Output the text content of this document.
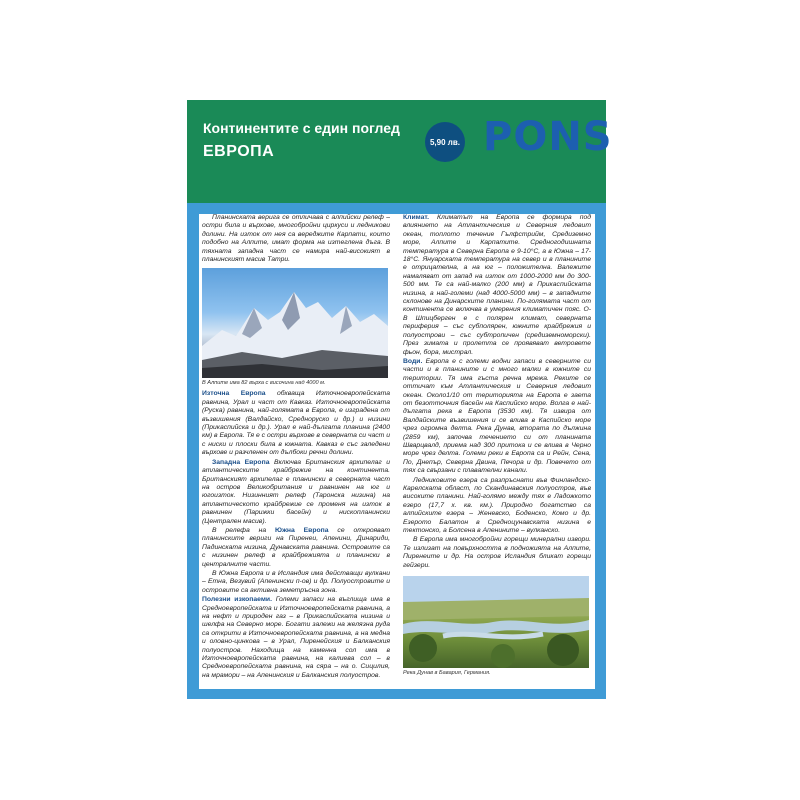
Континентите с един поглед
ЕВРОПА
5,90 лв. PONS

Планинската верига се отличава с алпийски релеф – остри била и върхове, многобройни циркуси и ледникови долини. На изток от нея са вереджите Карпати, които подобно на Алпите, имат форма на изтеглена дъга. В тяхната западна част се намира най-високият в планинският масив Татри.

В Алпите има 82 върха с височина над 4000 м.

Източна Европа обхваща Източноевропейската равнина, Урал и част от Кавказ. Източноевропейската (Руска) равнина, най-голямата в Европа, е изградена от възвишения (Валдайско, Средноруско и др.) и низини (Прикаспийска и др.). Урал е най-дългата планина (2400 км) в Европа. Тя е с остри върхове в северната си част и с ниски и плоски била в южната. Кавказ е със заледени върхове и разчленен от дълбоки речни долини.

Западна Европа Включва Британския архипелаг и атлантическите крайбрежие на континента. Британският архипелаг е планински в северната част на остров Великобритания и равнинен на юг и югоизток. Низинният релеф (Таронска низина) на атлантическото крайбрежие се променя на изток в равнинен (Парижки басейн) и нископланински (Централен масив).

В релефа на Южна Европа се открояват планинските вериги на Пиренеи, Апенини, Динариди, Падинската низина, Дунавската равнина. Островите са с низинен релеф в крайбрежията и планински в централните части.

В Южна Европа и в Исландия има действащи вулкани – Етна, Везувий (Апенински п-ов) и др. Полуостровите и островите са активна земетръсна зона.

Полезни изкопаеми. Големи запаси на въглища има в Средноевропейската и Източноевропейската равнина, а на нефт и природен газ – в Прикаспийската низина и шелфа на Северно море. Богати залежи на желязна руда са открити в Източноевропейската равнина, а на медна и оловно-цинкова – в Урал, Пиренейския и Балканския полуостров. Находища на каменна сол има в Източноевропейската равнина, на калиева сол – в Средноевропейската равнина, на сяра – на о. Сицилия, на мрамори – на Апенинския и Балканския полуостров.

Климат. Климатът на Европа се формира под влиянието на Атлантическия и Северния ледовит океан, топлото течение Гълфстрийм, Средиземно море, Алпите и Карпатите. Средногодишната температура в Северна Европа е 9-10°С, а в Южна – 17-18°С. Януарската температура на север и в планините е отрицателна, а на юг – положителна. Валежите намаляват от запад на изток от 1000-2000 мм до 300-500 мм. Те са най-малко (200 мм) в Прикаспийската низина, а най-големи (над 4000-5000 мм) – в западните склонове на Динарските планини. По-голямата част от континента се включва в умерения климатичен пояс. О-В Шпицберген е с полярен климат, северната периферия – със субполярен, южните крайбрежия и полуострови – със субтропичен (средиземноморски). През зимата и пролетта се проявяват ветровете фьон, бора, мистрал.

Води. Европа е с големи водни запаси в северните си части и в планините и с много малки в южните си територии. Тя има гъста речна мрежа. Реките се оттичат към Атлантическия и Северния ледовит океан. Около1/10 от територията на Европа е заета от безотточния басейн на Каспийско море. Волга е най-дългата река в Европа (3530 км). Тя извира от Валдайските възвишения и се влива в Каспийско море чрез огромна делта. Река Дунав, втората по дължина (2859 км), започва течението си от планината Шварцвалд, приема над 300 притока и се влива в Черно море чрез делта. Големи реки в Европа са и Рейн, Сена, По, Днепър, Северна Двина, Печора и др. Повечето от тях са свързани с плавателни канали.

Ледниковите езера са разпръснати във Финландско-Карелската област, по Скандинавския полуостров, във високите планини. Най-голямо между тях е Ладожкото езеро (17,7 х. кв. км.). Природно богатство са алпийските езера – Женевско, Боденско, Комо и др. Езерото Балатон в Средноцунавската низина е тектонско, а Болсена в Апенините – вулканско.

В Европа има многобройни горещи минерални извори. Те излизат на повърхността в подножията на Алпите, Пиренеите и др. На остров Исландия бликат горещи гейзери.

Река Дунав в Бавария, Германия.
